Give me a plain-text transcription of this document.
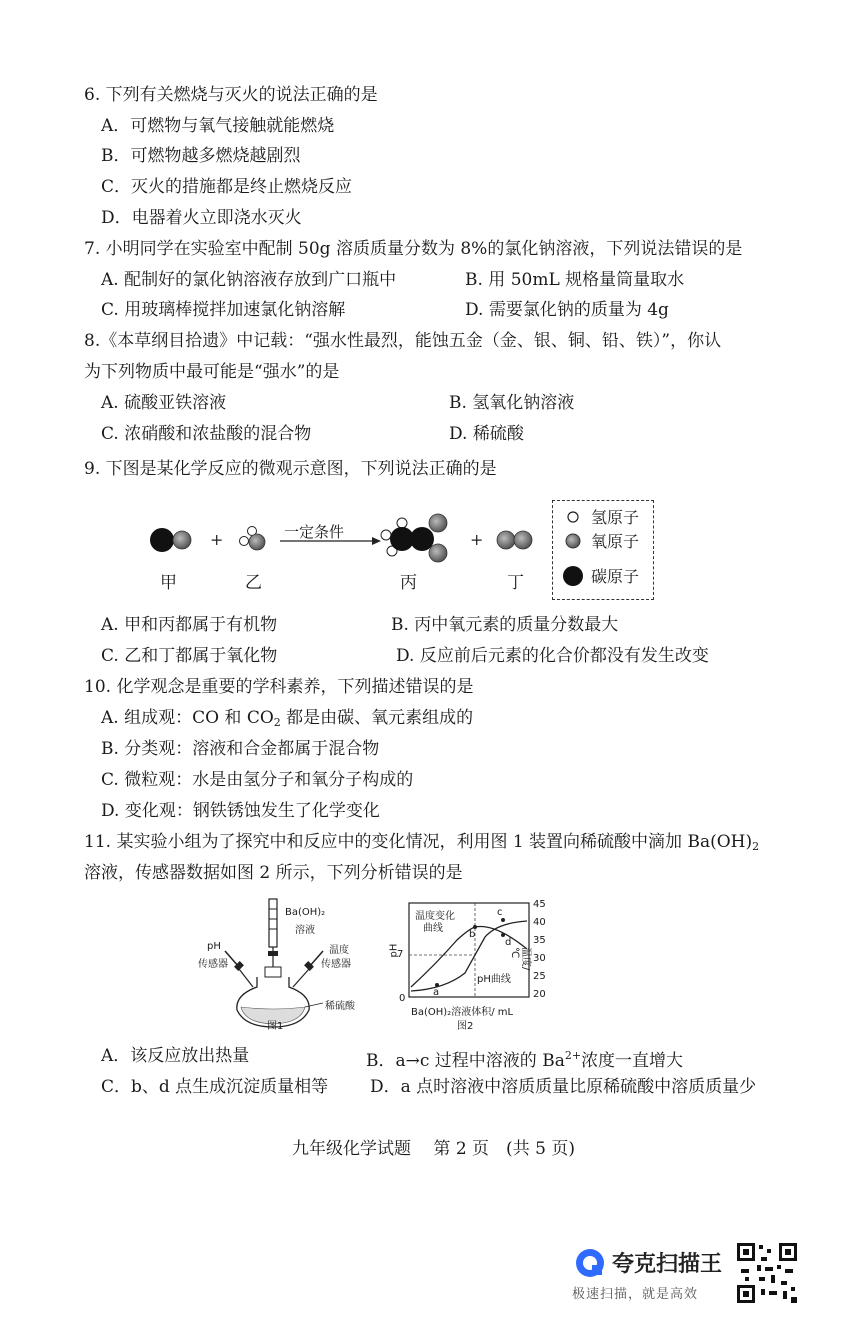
6. 下列有关燃烧与灭火的说法正确的是
A．可燃物与氧气接触就能燃烧
B．可燃物越多燃烧越剧烈
C．灭火的措施都是终止燃烧反应
D．电器着火立即浇水灭火
7. 小明同学在实验室中配制 50g 溶质质量分数为 8%的氯化钠溶液，下列说法错误的是
A. 配制好的氯化钠溶液存放到广口瓶中	B. 用 50mL 规格量筒量取水
C. 用玻璃棒搅拌加速氯化钠溶解	D. 需要氯化钠的质量为 4g
8.《本草纲目拾遗》中记载：“强水性最烈，能蚀五金（金、银、铜、铅、铁）”，你认
为下列物质中最可能是“强水”的是
A. 硫酸亚铁溶液	B. 氢氧化钠溶液
C. 浓硝酸和浓盐酸的混合物	D. 稀硫酸
9. 下图是某化学反应的微观示意图，下列说法正确的是
+	+
一定条件
甲	乙	丙	丁
氢原子
氧原子
碳原子
A. 甲和丙都属于有机物	B. 丙中氧元素的质量分数最大
C. 乙和丁都属于氧化物	D. 反应前后元素的化合价都没有发生改变
10. 化学观念是重要的学科素养，下列描述错误的是
A. 组成观：CO 和 $CO_2$ 都是由碳、氧元素组成的
B. 分类观：溶液和合金都属于混合物
C. 微粒观：水是由氢分子和氧分子构成的
D. 变化观：钢铁锈蚀发生了化学变化
11. 某实验小组为了探究中和反应中的变化情况，利用图 1 装置向稀硫酸中滴加 $Ba(OH)_2$
溶液，传感器数据如图 2 所示，下列分析错误的是
Ba(OH)₂
溶液
pH
传感器
温度
传感器
稀硫酸
图1
温度变化
曲线
pH曲线
pH
7
0
45
40
35
30
25
20
温度/℃
a
b
c
d
Ba(OH)₂溶液体积/ mL
图2
A．该反应放出热量	B．a→c 过程中溶液的 $Ba^{2+}$浓度一直增大
C．b、d 点生成沉淀质量相等 D．a 点时溶液中溶质质量比原稀硫酸中溶质质量少
九年级化学试题　 第 2 页　(共 5 页)
夸克扫描王
极速扫描，就是高效
